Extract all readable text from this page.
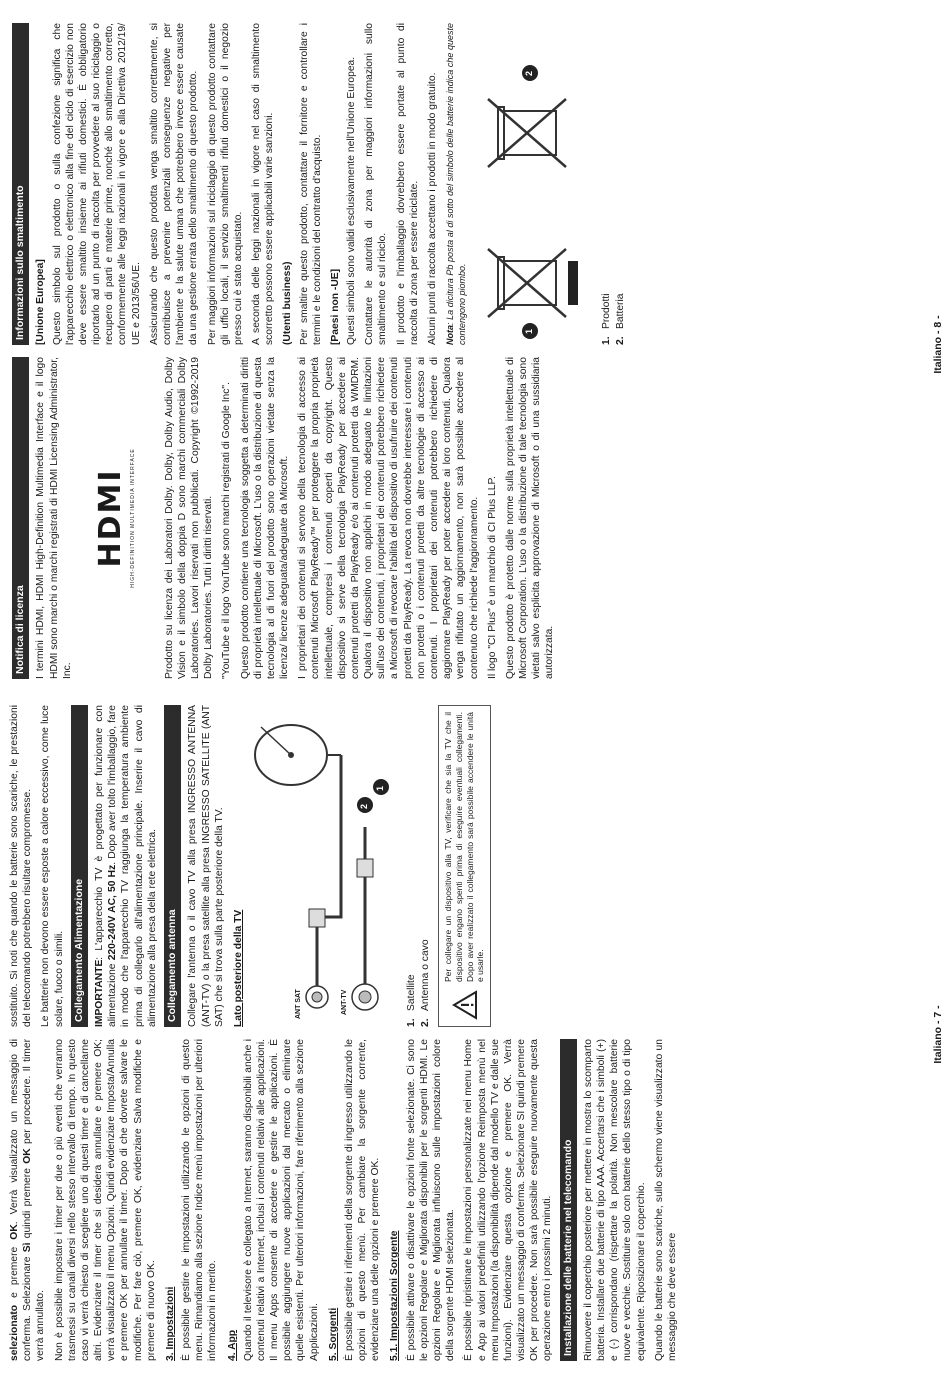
selezionato e premere OK. Verrà visualizzato un messaggio di conferma. Selezionare Sì quindi premere OK per procedere. Il timer verrà annullato. Non è possibile impostare i timer per due o più eventi che verranno trasmessi su canali diversi nello stesso intervallo di tempo. In questo caso vi verrà chiesto di scegliere uno di questi timer e di cancellarne altri. Evidenziare il timer che si desidera annullare e premere OK; verrà visualizzato il menu Opzioni. Quindi evidenziare Imposta/Annulla e premere OK per annullare il timer. Dopo di che dovrete salvare le modifiche. Per fare ciò, premere OK, evidenziare Salva modifiche e premere di nuovo OK. 3. Impostazioni È possibile gestire le impostazioni utilizzando le opzioni di questo menu. Rimandiamo alla sezione Indice menù impostazioni per ulteriori informazioni in merito. 4. App Quando il televisore è collegato a Internet, saranno disponibili anche i contenuti relativi a Internet, inclusi i contenuti relativi alle applicazioni. Il menu Apps consente di accedere e gestire le applicazioni. È possibile aggiungere nuove applicazioni dal mercato o eliminare quelle esistenti. Per ulteriori informazioni, fare riferimento alla sezione Applicazioni. 5. Sorgenti È possibile gestire i riferimenti della sorgente di ingresso utilizzando le opzioni di questo menù. Per cambiare la sorgente corrente, evidenziare una delle opzioni e premere OK. 5.1. Impostazioni Sorgente È possibile attivare o disattivare le opzioni fonte selezionate. Ci sono le opzioni Regolare e Migliorata disponibili per le sorgenti HDMI. Le opzioni Regolare e Migliorata influiscono sulle impostazioni colore della sorgente HDMI selezionata. È possibile ripristinare le impostazioni personalizzate nei menu Home e App ai valori predefiniti utilizzando l'opzione Reimposta menù nel menu Impostazioni (la disponibilità dipende dal modello TV e dalle sue funzioni). Evidenziare questa opzione e premere OK. Verrà visualizzato un messaggio di conferma. Selezionare SI quindi premere OK per procedere. Non sarà possibile eseguire nuovamente questa operazione entro i prossimi 2 minuti. Installazione delle batterie nel telecomando Rimuovere il coperchio posteriore per mettere in mostra lo scomparto batteria. Installare due batterie di tipo AAA. Accertarsi che i simboli (+) e (-) corrispondano (rispettare la polarità. Non mescolare batterie nuove e vecchie. Sostituire solo con batterie dello stesso tipo o di tipo equivalente. Riposizionare il coperchio. Quando le batterie sono scariche, sullo schermo viene visualizzato un messaggio che deve essere

sostituito. Si noti che quando le batterie sono scariche, le prestazioni del telecomando potrebbero risultare compromesse. Le batterie non devono essere esposte a calore eccessivo, come luce solare, fuoco o simili. Collegamento Alimentazione IMPORTANTE: L'apparecchio TV è progettato per funzionare con alimentazione 220-240V AC, 50 Hz. Dopo aver tolto l'imballaggio, fare in modo che l'apparecchio TV raggiunga la temperatura ambiente prima di collegarlo all'alimentazione principale. Inserire il cavo di alimentazione alla presa della rete elettrica. Collegamento antenna Collegare l'antenna o il cavo TV alla presa INGRESSO ANTENNA (ANT-TV) o la presa satellite alla presa INGRESSO SATELLITE (ANT SAT) che si trova sulla parte posteriore della TV. Lato posteriore della TV	ANT SAT	ANT-TV
1
2
1.Satellite
2.Antenna o cavo Per collegare un dispositivo alla TV, verificare che sia la TV che il dispositivo engano spenti prima di eseguire eventuali collegamenti. Dopo aver realizzato il collegamento sarà possibile accendere le unità e usarle.
Italiano - 7 -
Notifica di licenza I termini HDMI, HDMI High-Definition Multimedia Interface e il logo HDMI sono marchi o marchi registrati di HDMI Licensing Administrator, Inc.

HDMI HIGH-DEFINITION MULTIMEDIA INTERFACE	Prodotto su licenza dei Laboratori Dolby. Dolby, Dolby Audio, Dolby Vision e il simbolo della doppia D sono marchi commerciali Dolby Laboratories. Lavori riservati non pubblicati. Copyright ©1992-2019 Dolby Laboratories. Tutti i diritti riservati. "YouTube e il logo YouTube sono marchi registrati di Google Inc". Questo prodotto contiene una tecnologia soggetta a determinati diritti di proprietà intellettuale di Microsoft. L'uso o la distribuzione di questa tecnologia al di fuori del prodotto sono operazioni vietate senza la licenza/ licenze adeguata/adeguate da Microsoft. I proprietari dei contenuti si servono della tecnologia di accesso ai contenuti Microsoft PlayReady™ per proteggere la propria proprietà intellettuale, compresi i contenuti coperti da copyright. Questo dispositivo si serve della tecnologia PlayReady per accedere ai contenuti protetti da PlayReady e/o ai contenuti protetti da WMDRM. Qualora il dispositivo non applichi in modo adeguato le limitazioni sull'uso dei contenuti, i proprietari dei contenuti potrebbero richiedere a Microsoft di revocare l'abilità del dispositivo di usufruire dei contenuti protetti da PlayReady. La revoca non dovrebbe interessare i contenuti non protetti o i contenuti protetti da altre tecnologie di accesso ai contenuti. I proprietari dei contenuti potrebbero richiedere di aggiornare PlayReady per poter accedere ai loro contenuti. Qualora venga rifiutato un aggiornamento, non sarà possibile accedere al contenuto che richiede l'aggiornamento. Il logo "CI Plus" è un marchio di CI Plus LLP. Questo prodotto è protetto dalle norme sulla proprietà intellettuale di Microsoft Corporation. L'uso o la distribuzione di tale tecnologia sono vietati salvo esplicita approvazione di Microsoft o di una sussidiaria autorizzata.

Informazioni sullo smaltimento [Unione Europea] Questo simbolo sul prodotto o sulla confezione significa che l'apparecchio elettrico o elettronico alla fine del ciclo di esercizio non deve essere smaltito insieme ai rifiuti domestici. È obbligatorio riportarlo ad un punto di raccolta per provvedere al suo riciclaggio o recupero di parti e materie prime, nonché allo smaltimento corretto, conformemente alle leggi nazionali in vigore e alla Direttiva 2012/19/ UE e 2013/56/UE. Assicurando che questo prodotta venga smaltito correttamente, si contribuisce a prevenire potenziali conseguenze negative per l'ambiente e la salute umana che potrebbero invece essere causate da una gestione errata dello smaltimento di questo prodotto. Per maggiori informazioni sul riciclaggio di questo prodotto contattare gli uffici locali, il servizio smaltimenti rifiuti domestici o il negozio presso cui è stato acquistato. A seconda delle leggi nazionali in vigore nel caso di smaltimento scorretto possono essere applicabili varie sanzioni. (Utenti business) Per smaltire questo prodotto, contattare il fornitore e controllare i termini e le condizioni del contratto d'acquisto. [Paesi non -UE] Questi simboli sono validi esclusivamente nell'Unione Europea. Contattare le autorità di zona per maggiori informazioni sullo smaltimento e sul riciclo. Il prodotto e l'imballaggio dovrebbero essere portate al punto di raccolta di zona per essere riciclate. Alcuni punti di raccolta accettano i prodotti in modo gratuito. Nota: La dicitura Pb posta al di sotto del simbolo delle batterie indica che queste contengono piombo.	1
2
1.Prodotti
2.Batteria
Italiano - 8 -
